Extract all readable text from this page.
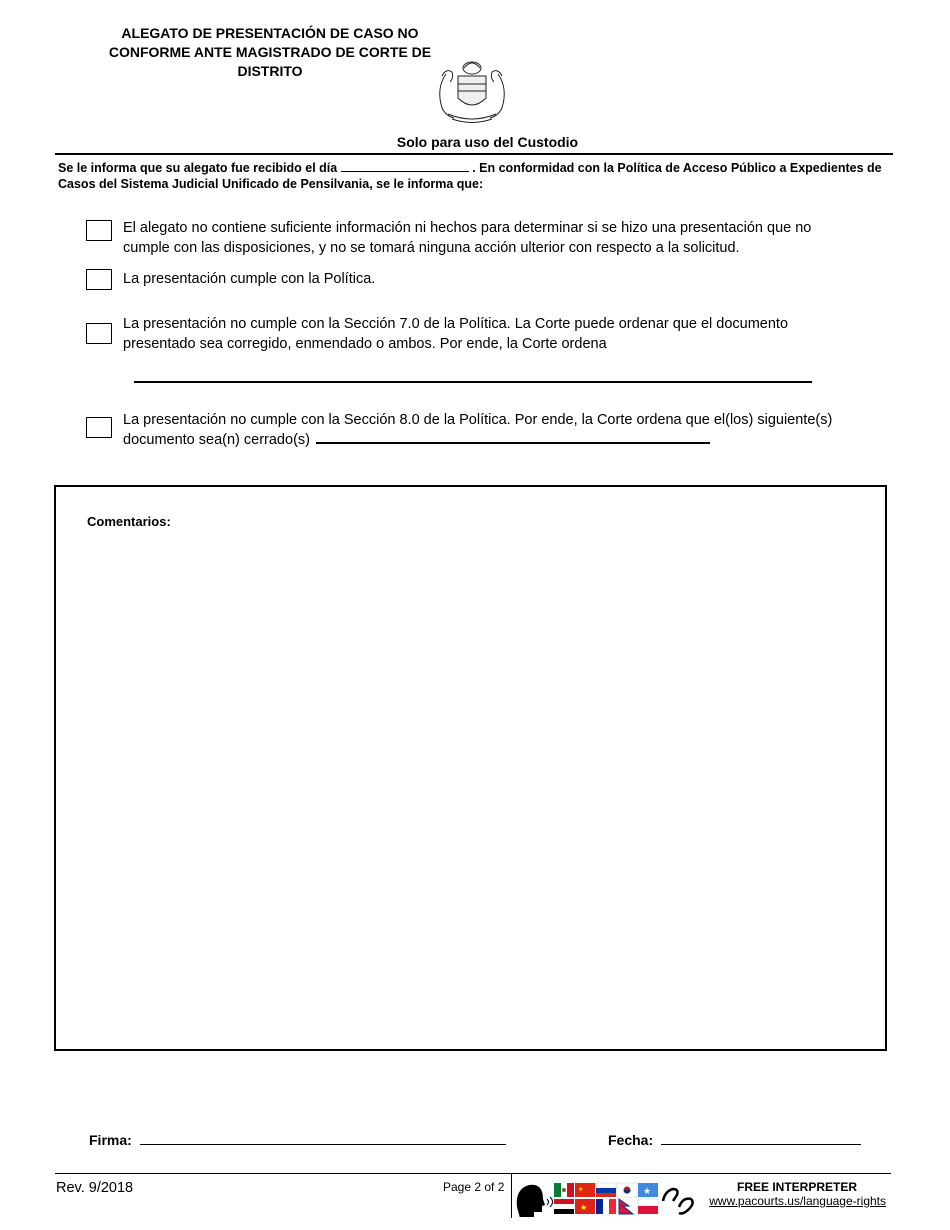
ALEGATO DE PRESENTACIÓN DE CASO NO CONFORME ANTE MAGISTRADO DE CORTE DE DISTRITO
Solo para uso del Custodio
Se le informa que su alegato fue recibido el día	. En conformidad con la Política de Acceso Público a Expedientes de Casos del Sistema Judicial Unificado de Pensilvania, se le informa que:
El alegato no contiene suficiente información ni hechos para determinar si se hizo una presentación que no cumple con las disposiciones, y no se tomará ninguna acción ulterior con respecto a la solicitud.
La presentación cumple con la Política.
La presentación no cumple con la Sección 7.0 de la Política. La Corte puede ordenar que el documento presentado sea corregido, enmendado o ambos. Por ende, la Corte ordena
La presentación no cumple con la Sección 8.0 de la Política. Por ende, la Corte ordena que el(los) siguiente(s) documento sea(n) cerrado(s)
Comentarios:
Firma:	Fecha:
Rev. 9/2018	Page 2 of 2	★	★
★
FREE INTERPRETER
www.pacourts.us/language-rights
